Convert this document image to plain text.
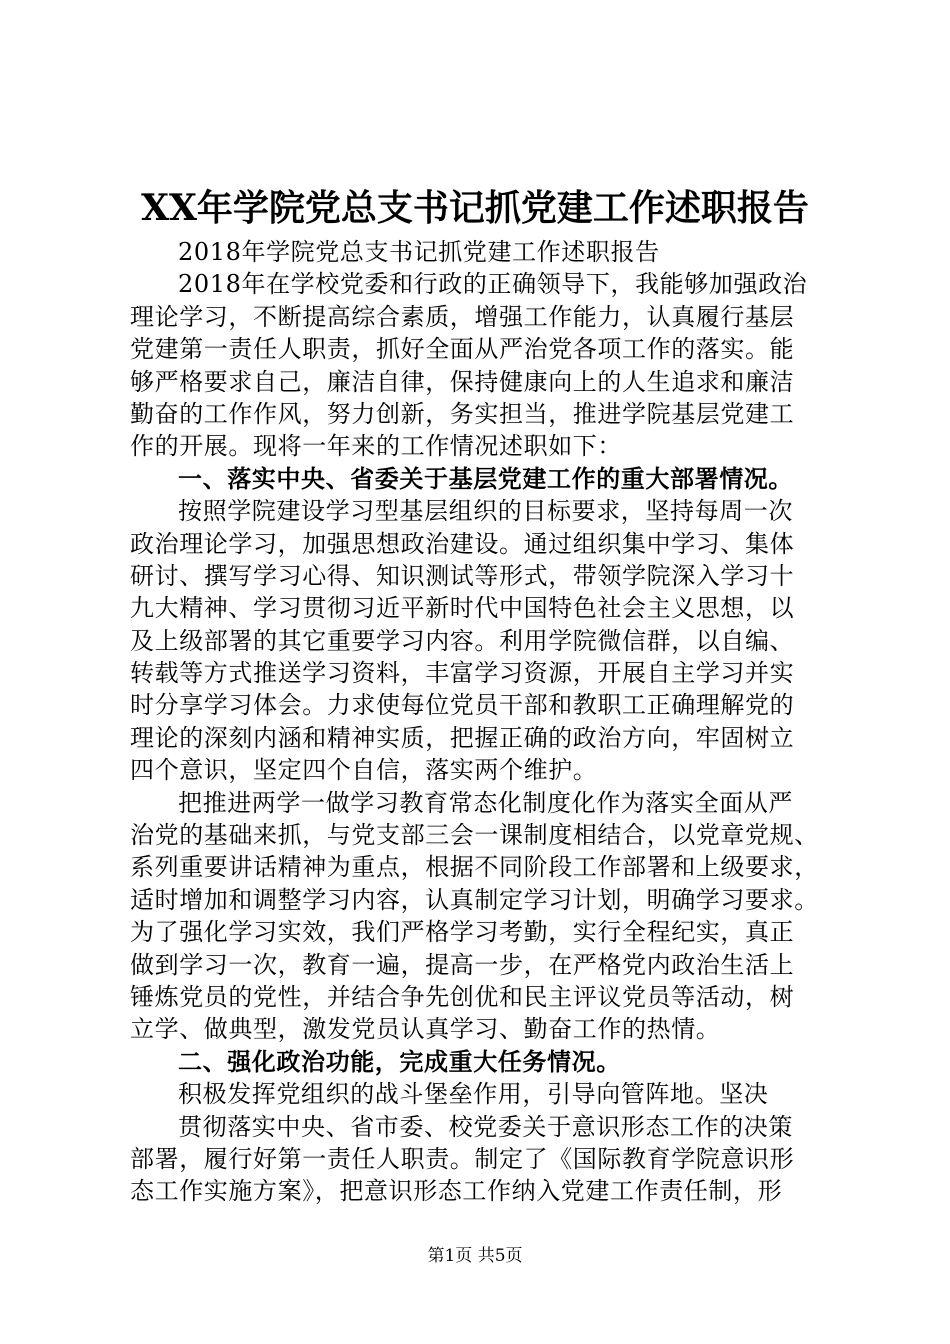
XX年学院党总支书记抓党建工作述职报告
2018年学院党总支书记抓党建工作述职报告
2018年在学校党委和行政的正确领导下，我能够加强政治
理论学习，不断提高综合素质，增强工作能力，认真履行基层
党建第一责任人职责，抓好全面从严治党各项工作的落实。能
够严格要求自己，廉洁自律，保持健康向上的人生追求和廉洁
勤奋的工作作风，努力创新，务实担当，推进学院基层党建工
作的开展。现将一年来的工作情况述职如下：
一、落实中央、省委关于基层党建工作的重大部署情况。
按照学院建设学习型基层组织的目标要求，坚持每周一次
政治理论学习，加强思想政治建设。通过组织集中学习、集体
研讨、撰写学习心得、知识测试等形式，带领学院深入学习十
九大精神、学习贯彻习近平新时代中国特色社会主义思想，以
及上级部署的其它重要学习内容。利用学院微信群，以自编、
转载等方式推送学习资料，丰富学习资源，开展自主学习并实
时分享学习体会。力求使每位党员干部和教职工正确理解党的
理论的深刻内涵和精神实质，把握正确的政治方向，牢固树立
四个意识，坚定四个自信，落实两个维护。
把推进两学一做学习教育常态化制度化作为落实全面从严
治党的基础来抓，与党支部三会一课制度相结合，以党章党规、
系列重要讲话精神为重点，根据不同阶段工作部署和上级要求，
适时增加和调整学习内容，认真制定学习计划，明确学习要求。
为了强化学习实效，我们严格学习考勤，实行全程纪实，真正
做到学习一次，教育一遍，提高一步，在严格党内政治生活上
锤炼党员的党性，并结合争先创优和民主评议党员等活动，树
立学、做典型，激发党员认真学习、勤奋工作的热情。
二、强化政治功能，完成重大任务情况。
积极发挥党组织的战斗堡垒作用，引导向管阵地。坚决
贯彻落实中央、省市委、校党委关于意识形态工作的决策
部署，履行好第一责任人职责。制定了《国际教育学院意识形
态工作实施方案》，把意识形态工作纳入党建工作责任制，形
第1页 共5页
